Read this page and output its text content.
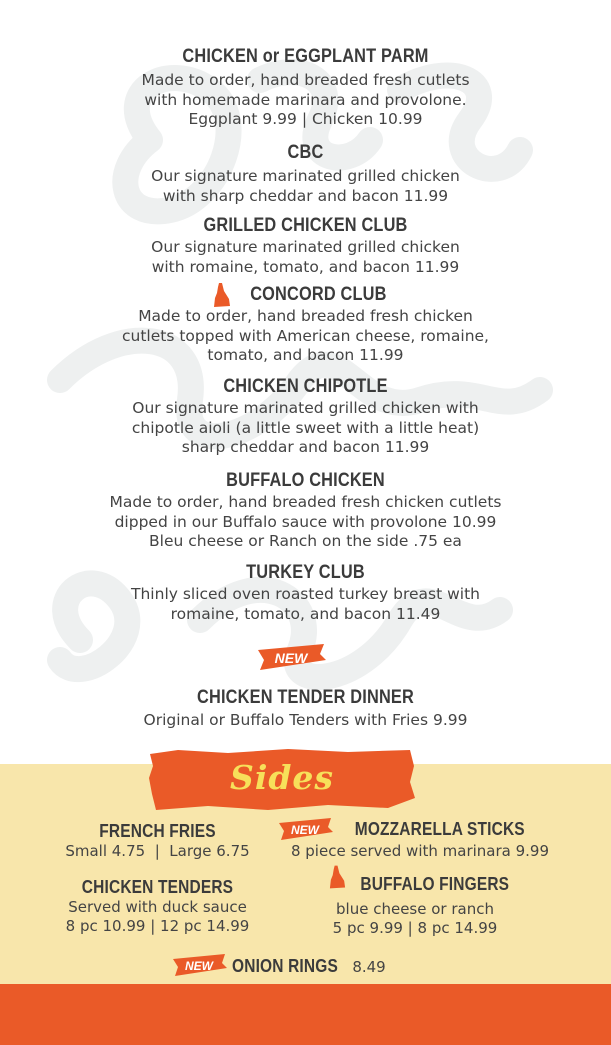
CHICKEN or EGGPLANT PARM
Made to order, hand breaded fresh cutlets
with homemade marinara and provolone.
Eggplant 9.99 | Chicken 10.99
CBC
Our signature marinated grilled chicken
with sharp cheddar and bacon 11.99
GRILLED CHICKEN CLUB
Our signature marinated grilled chicken
with romaine, tomato, and bacon 11.99
CONCORD CLUB
Made to order, hand breaded fresh chicken
cutlets topped with American cheese, romaine,
tomato, and bacon 11.99
CHICKEN CHIPOTLE
Our signature marinated grilled chicken with
chipotle aioli (a little sweet with a little heat)
sharp cheddar and bacon 11.99
BUFFALO CHICKEN
Made to order, hand breaded fresh chicken cutlets
dipped in our Buffalo sauce with provolone 10.99
Bleu cheese or Ranch on the side .75 ea
TURKEY CLUB
Thinly sliced oven roasted turkey breast with
romaine, tomato, and bacon 11.49
NEW
CHICKEN TENDER DINNER
Original or Buffalo Tenders with Fries 9.99
Sides
FRENCH FRIES
Small 4.75  |  Large 6.75
NEW	MOZZARELLA STICKS
8 piece served with marinara 9.99
CHICKEN TENDERS
Served with duck sauce
8 pc 10.99 | 12 pc 14.99
BUFFALO FINGERS
blue cheese or ranch
5 pc 9.99 | 8 pc 14.99
NEW ONION RINGS 8.49
